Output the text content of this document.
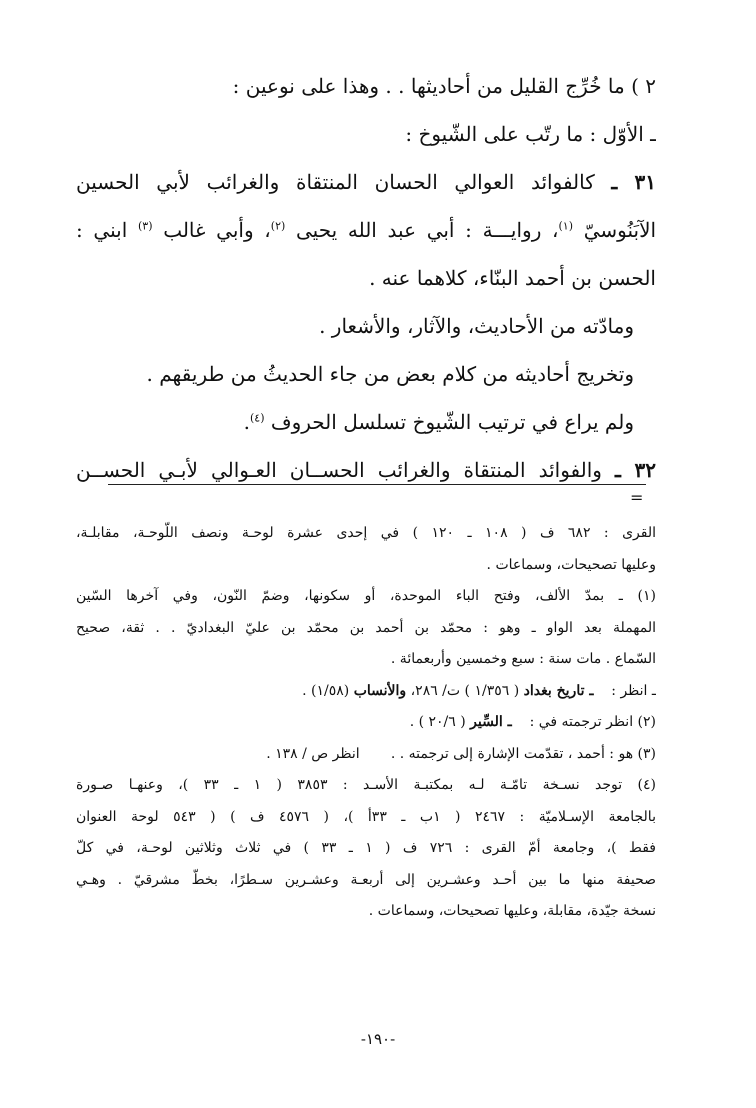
٢ ) ما خُرِّج القليل من أحاديثها . . وهذا على نوعين :
ـ الأوّل : ما رتّب على الشّيوخ :
٣١ ـ كالفوائد العوالي الحسان المنتقاة والغرائب لأبي الحسين
الآبَنُوسيّ $^{(١)}$، روايـــة : أبي عبد الله يحيى $^{(٢)}$، وأبي غالب $^{(٣)}$ ابني :
الحسن بن أحمد البنّاء، كلاهما عنه .
ومادّته من الأحاديث، والآثار، والأشعار .
وتخريج أحاديثه من كلام بعض من جاء الحديثُ من طريقهم .
ولم يراع في ترتيب الشّيوخ تسلسل الحروف $^{(٤)}$.
٣٢ ـ والفوائد المنتقاة والغرائب الحســان العـوالي لأبـي الحســن
=
القرى : ٦٨٢ ف ( ١٠٨ ـ ١٢٠ ) في إحدى عشرة لوحـة ونصف اللّوحـة، مقابلـة،
وعليها تصحيحات، وسماعات .
(١) ـ بمدّ الألف، وفتح الباء الموحدة، أو سكونها، وضمّ النّون، وفي آخرها السّين
المهملة بعد الواو ـ وهو : محمّد بن أحمد بن محمّد بن عليّ البغداديّ . . ثقة، صحيح
السّماع . مات سنة : سبع وخمسين وأربعمائة .
ـ انظر :    ـ تاريخ بغداد ( ١/٣٥٦ ) ت/ ٢٨٦، والأنساب (١/٥٨) .
(٢) انظر ترجمته في :    ـ السِّير ( ٢٠/٦ ) .
(٣) هو : أحمد ، تقدّمت الإشارة إلى ترجمته . .       انظر ص / ١٣٨ .
(٤) توجد نسـخة تامّـة لـه بمكتبـة الأسـد : ٣٨٥٣ ( ١ ـ ٣٣ )، وعنهـا صـورة
بالجامعة الإسـلاميّة : ٢٤٦٧ ( ١ب ـ ٣٣أ )، ( ٤٥٧٦ ف ) ( ٥٤٣ لوحة العنوان
فقط )، وجامعة أمّ القرى : ٧٢٦ ف ( ١ ـ ٣٣ ) في ثلاث وثلاثين لوحـة، في كلّ
صحيفة منها ما بين أحـد وعشـرين إلى أربعـة وعشـرين سـطرًا، بخطّ مشرقيّ . وهـي
نسخة جيّدة، مقابلة، وعليها تصحيحات، وسماعات .
-١٩٠-
